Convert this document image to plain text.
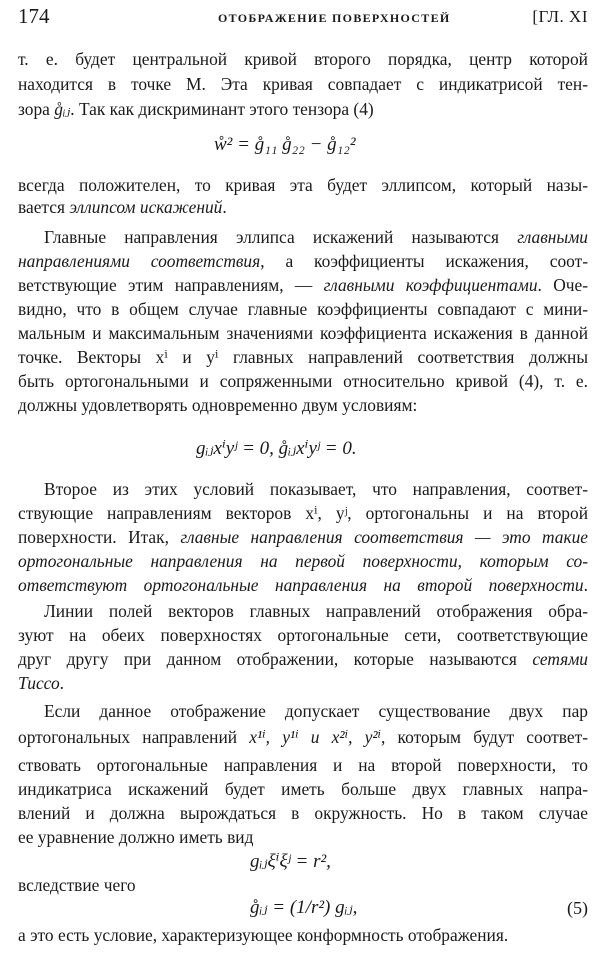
174	ОТОБРАЖЕНИЕ ПОВЕРХНОСТЕЙ	[ГЛ. XI
т. е. будет центральной кривой второго порядка, центр которой
находится в точке M. Эта кривая совпадает с индикатрисой тен-
зора g̊ᵢⱼ. Так как дискриминант этого тензора (4)
ẘ² = g̊₁₁ g̊₂₂ − g̊₁₂²
всегда положителен, то кривая эта будет эллипсом, который назы-
вается эллипсом искажений.
Главные направления эллипса искажений называются главными
направлениями соответствия, а коэффициенты искажения, соот-
ветствующие этим направлениям, — главными коэффициентами. Оче-
видно, что в общем случае главные коэффициенты совпадают с мини-
мальным и максимальным значениями коэффициента искажения в данной
точке. Векторы xⁱ и yⁱ главных направлений соответствия должны
быть ортогональными и сопряженными относительно кривой (4), т. е.
должны удовлетворять одновременно двум условиям:
gᵢⱼxⁱyʲ = 0, g̊ᵢⱼxⁱyʲ = 0.
Второе из этих условий показывает, что направления, соответ-
ствующие направлениям векторов xⁱ, yʲ, ортогональны и на второй
поверхности. Итак, главные направления соответствия — это такие
ортогональные направления на первой поверхности, которым со-
ответствуют ортогональные направления на второй поверхности.
Линии полей векторов главных направлений отображения обра-
зуют на обеих поверхностях ортогональные сети, соответствующие
друг другу при данном отображении, которые называются сетями
Тиссо.
Если данное отображение допускает существование двух пар
ортогональных направлений x¹ⁱ, y¹ⁱ и x²ⁱ, y²ⁱ, которым будут соответ-
ствовать ортогональные направления и на второй поверхности, то
индикатриса искажений будет иметь больше двух главных напра-
влений и должна вырождаться в окружность. Но в таком случае
ее уравнение должно иметь вид
gᵢⱼξⁱξʲ = r²,
вследствие чего
g̊ᵢⱼ = (1/r²) gᵢⱼ,	(5)
а это есть условие, характеризующее конформность отображения.
